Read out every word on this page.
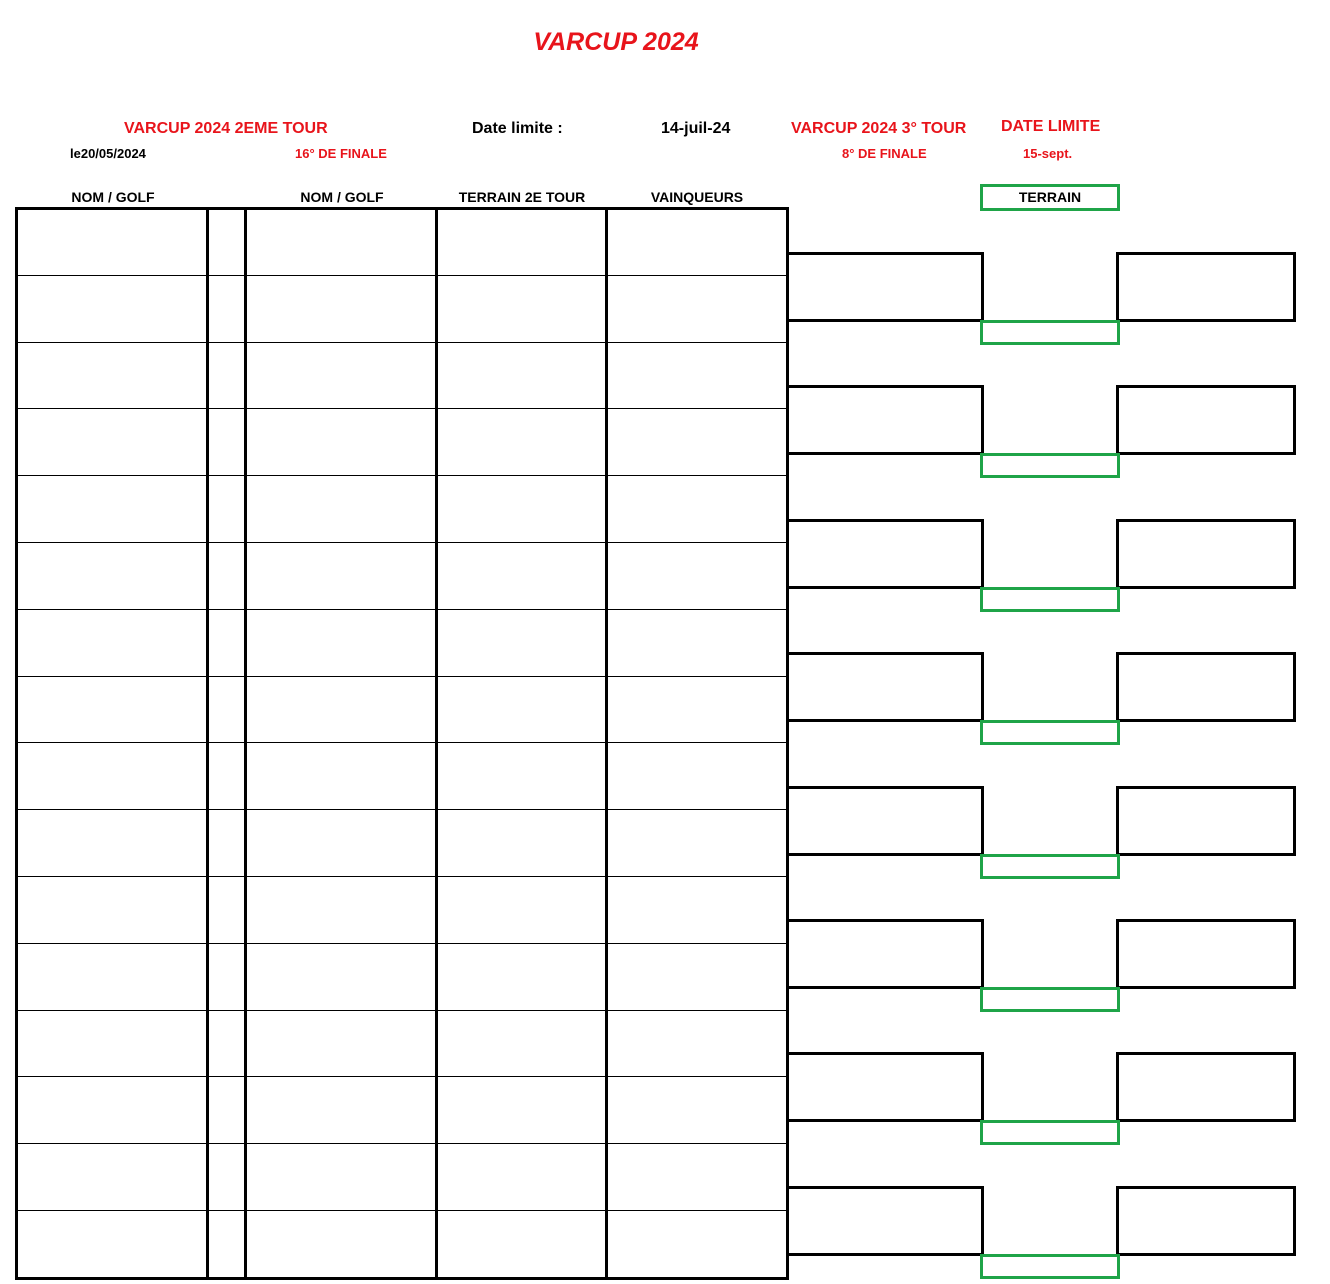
VARCUP 2024
VARCUP 2024 2EME TOUR
le20/05/2024	16° DE FINALE
Date limite :	14-juil-24	VARCUP 2024 3° TOUR
8° DE FINALE
DATE LIMITE
15-sept.
NOM / GOLF	NOM / GOLF	TERRAIN 2E TOUR	VAINQUEURS	TERRAIN
